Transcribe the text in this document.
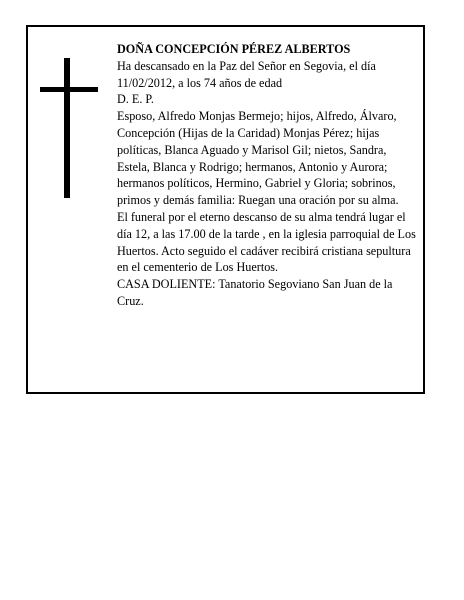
DOÑA CONCEPCIÓN PÉREZ ALBERTOS

Ha descansado en la Paz del Señor en Segovia, el día 11/02/2012, a los 74 años de edad

D. E. P.

Esposo, Alfredo Monjas Bermejo; hijos, Alfredo, Álvaro, Concepción (Hijas de la Caridad) Monjas Pérez; hijas políticas, Blanca Aguado y Marisol Gil; nietos, Sandra, Estela, Blanca y Rodrigo; hermanos, Antonio y Aurora; hermanos políticos, Hermino, Gabriel y Gloria; sobrinos, primos y demás familia: Ruegan una oración por su alma.

El funeral por el eterno descanso de su alma tendrá lugar el día 12, a las 17.00 de la tarde , en la iglesia parroquial de Los Huertos. Acto seguido el cadáver recibirá cristiana sepultura en el cementerio de Los Huertos.

CASA DOLIENTE: Tanatorio Segoviano San Juan de la Cruz.
